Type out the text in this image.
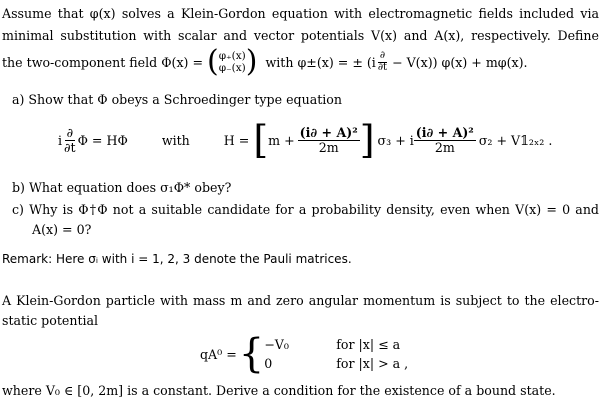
Assume that φ(x) solves a Klein-Gordon equation with electromagnetic fields included via
minimal substitution with scalar and vector potentials V(x) and A(x), respectively. Define
the two-component field Φ(x) = ( φ₊(x)
φ₋(x) ) with φ±(x) = ± $(i \frac{\partial}{\partial t} - V(x))$ φ(x) + mφ(x).
a) Show that Φ obeys a Schroedinger type equation
i $\frac{\partial}{\partial t}$ Φ = HΦ	with	H = [ $m + \frac{\text{(i∂ + A)²}}{2m}$ ] σ₃ + i $\frac{\text{(i∂ + A)²}}{2m} \sigma_2$ + V𝟙₂ₓ₂ .
b) What equation does σ₁Φ* obey?
c) Why is Φ†Φ not a suitable candidate for a probability density, even when V(x) = 0 and
A(x) = 0?
Remark: Here σᵢ with i = 1, 2, 3 denote the Pauli matrices.
A Klein-Gordon particle with mass m and zero angular momentum is subject to the electro-
static potential
qA⁰ = { −V₀	for |x| ≤ a
0	for |x| > a ,
where V₀ ∈ [0, 2m] is a constant. Derive a condition for the existence of a bound state.
